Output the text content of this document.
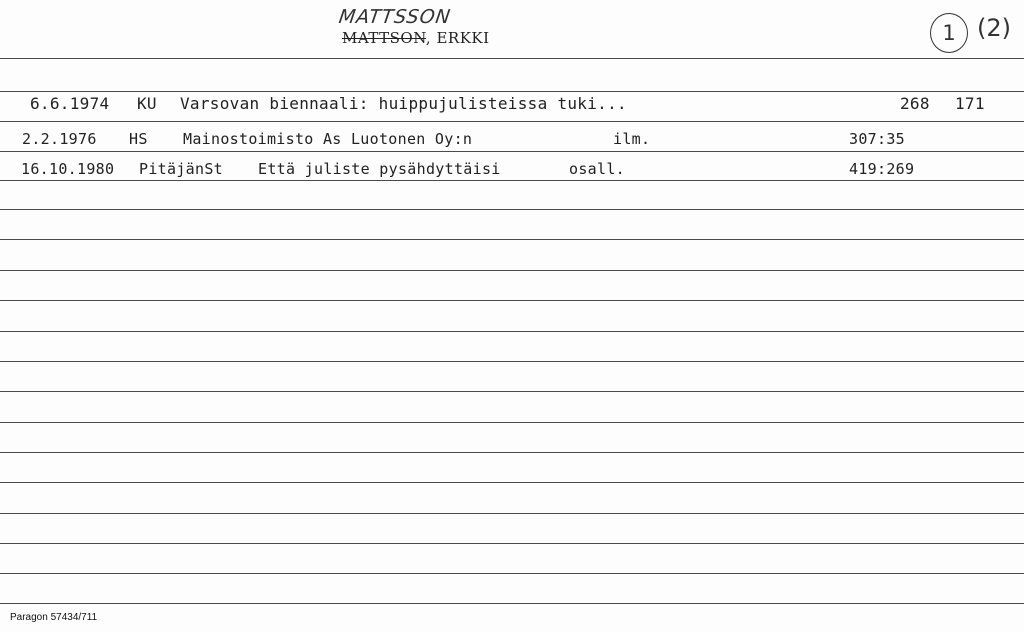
MATTSSON
MATTSON, ERKKI	1 (2)
6.6.1974 KU Varsovan biennaali: huippujulisteissa tuki...	268 171
2.2.1976 HS Mainostoimisto As Luotonen Oy:n	ilm.	307:35
16.10.1980 PitäjänSt Että juliste pysähdyttäisi	osall.	419:269
Paragon 57434/711
